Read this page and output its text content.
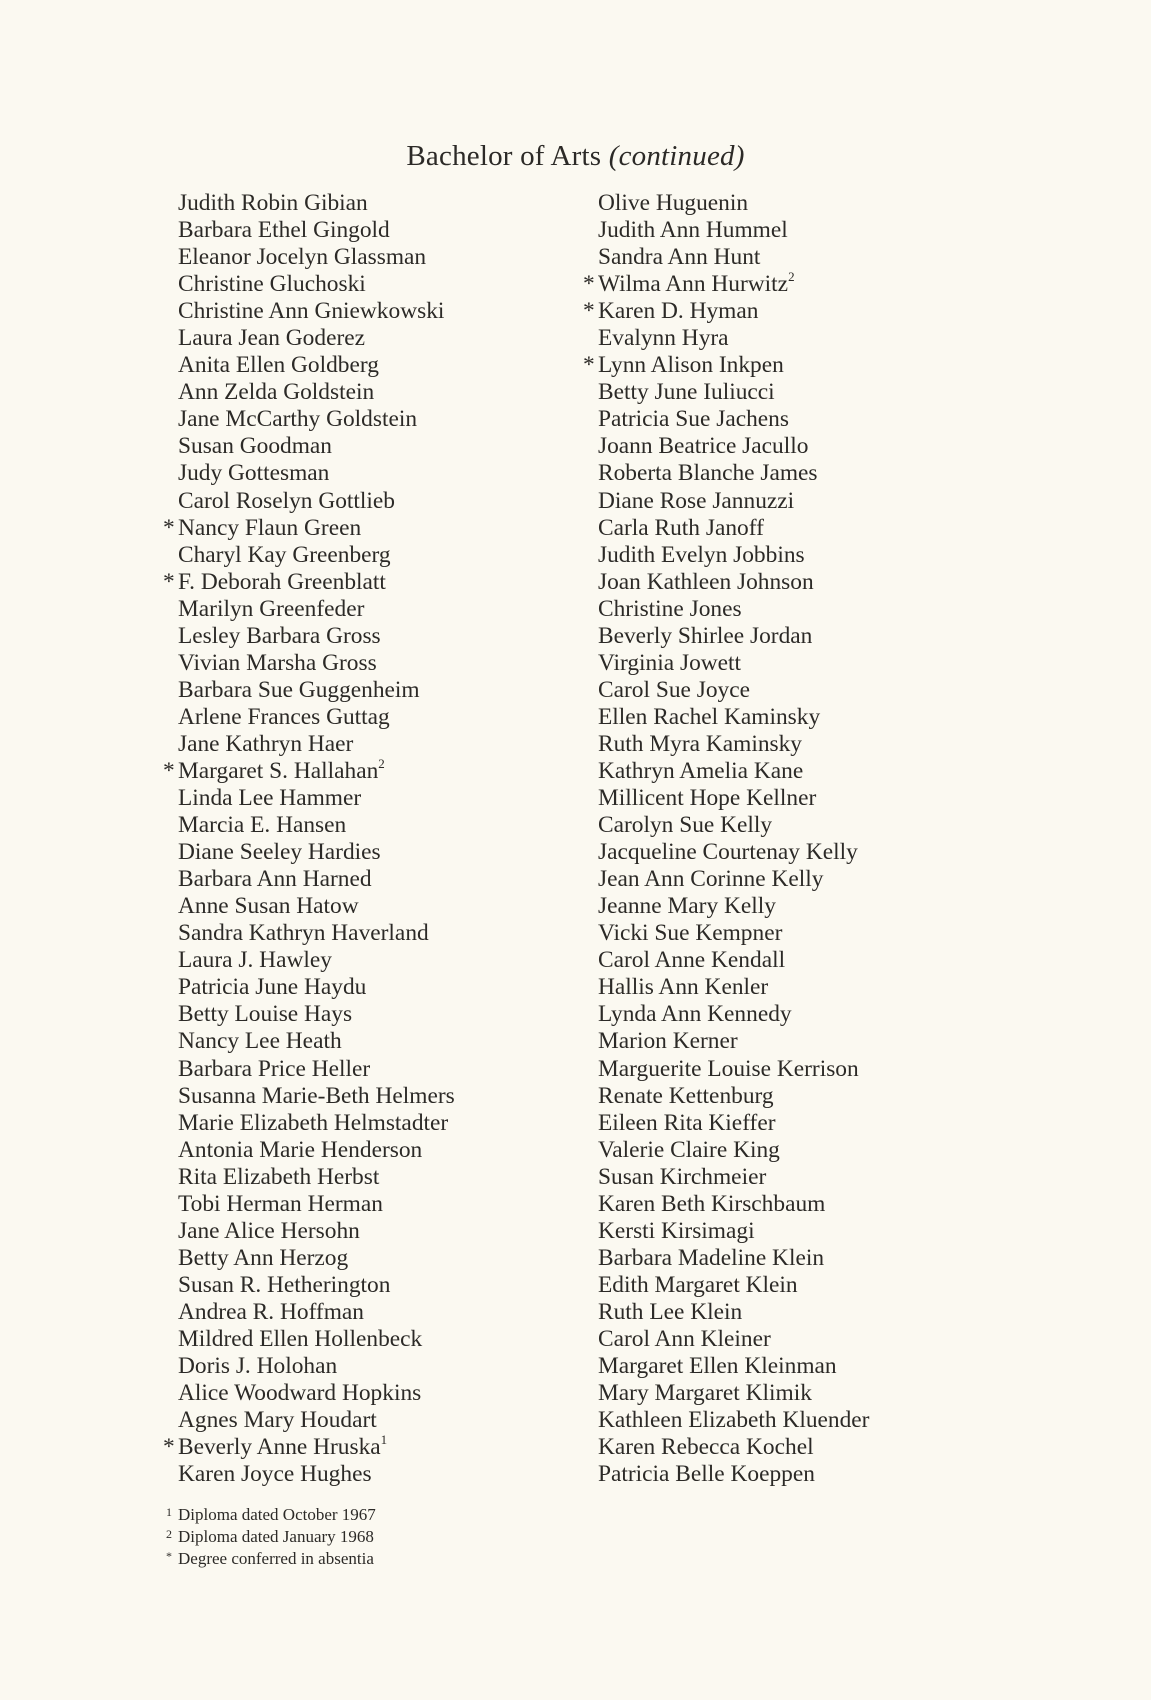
Bachelor of Arts (continued)
Judith Robin Gibian
Barbara Ethel Gingold
Eleanor Jocelyn Glassman
Christine Gluchoski
Christine Ann Gniewkowski
Laura Jean Goderez
Anita Ellen Goldberg
Ann Zelda Goldstein
Jane McCarthy Goldstein
Susan Goodman
Judy Gottesman
Carol Roselyn Gottlieb
* Nancy Flaun Green
Charyl Kay Greenberg
* F. Deborah Greenblatt
Marilyn Greenfeder
Lesley Barbara Gross
Vivian Marsha Gross
Barbara Sue Guggenheim
Arlene Frances Guttag
Jane Kathryn Haer
* Margaret S. Hallahan$^2$
Linda Lee Hammer
Marcia E. Hansen
Diane Seeley Hardies
Barbara Ann Harned
Anne Susan Hatow
Sandra Kathryn Haverland
Laura J. Hawley
Patricia June Haydu
Betty Louise Hays
Nancy Lee Heath
Barbara Price Heller
Susanna Marie-Beth Helmers
Marie Elizabeth Helmstadter
Antonia Marie Henderson
Rita Elizabeth Herbst
Tobi Herman Herman
Jane Alice Hersohn
Betty Ann Herzog
Susan R. Hetherington
Andrea R. Hoffman
Mildred Ellen Hollenbeck
Doris J. Holohan
Alice Woodward Hopkins
Agnes Mary Houdart
* Beverly Anne Hruska$^1$
Karen Joyce Hughes
Olive Huguenin
Judith Ann Hummel
Sandra Ann Hunt
* Wilma Ann Hurwitz$^2$
* Karen D. Hyman
Evalynn Hyra
* Lynn Alison Inkpen
Betty June Iuliucci
Patricia Sue Jachens
Joann Beatrice Jacullo
Roberta Blanche James
Diane Rose Jannuzzi
Carla Ruth Janoff
Judith Evelyn Jobbins
Joan Kathleen Johnson
Christine Jones
Beverly Shirlee Jordan
Virginia Jowett
Carol Sue Joyce
Ellen Rachel Kaminsky
Ruth Myra Kaminsky
Kathryn Amelia Kane
Millicent Hope Kellner
Carolyn Sue Kelly
Jacqueline Courtenay Kelly
Jean Ann Corinne Kelly
Jeanne Mary Kelly
Vicki Sue Kempner
Carol Anne Kendall
Hallis Ann Kenler
Lynda Ann Kennedy
Marion Kerner
Marguerite Louise Kerrison
Renate Kettenburg
Eileen Rita Kieffer
Valerie Claire King
Susan Kirchmeier
Karen Beth Kirschbaum
Kersti Kirsimagi
Barbara Madeline Klein
Edith Margaret Klein
Ruth Lee Klein
Carol Ann Kleiner
Margaret Ellen Kleinman
Mary Margaret Klimik
Kathleen Elizabeth Kluender
Karen Rebecca Kochel
Patricia Belle Koeppen
1 Diploma dated October 1967
2 Diploma dated January 1968
* Degree conferred in absentia
